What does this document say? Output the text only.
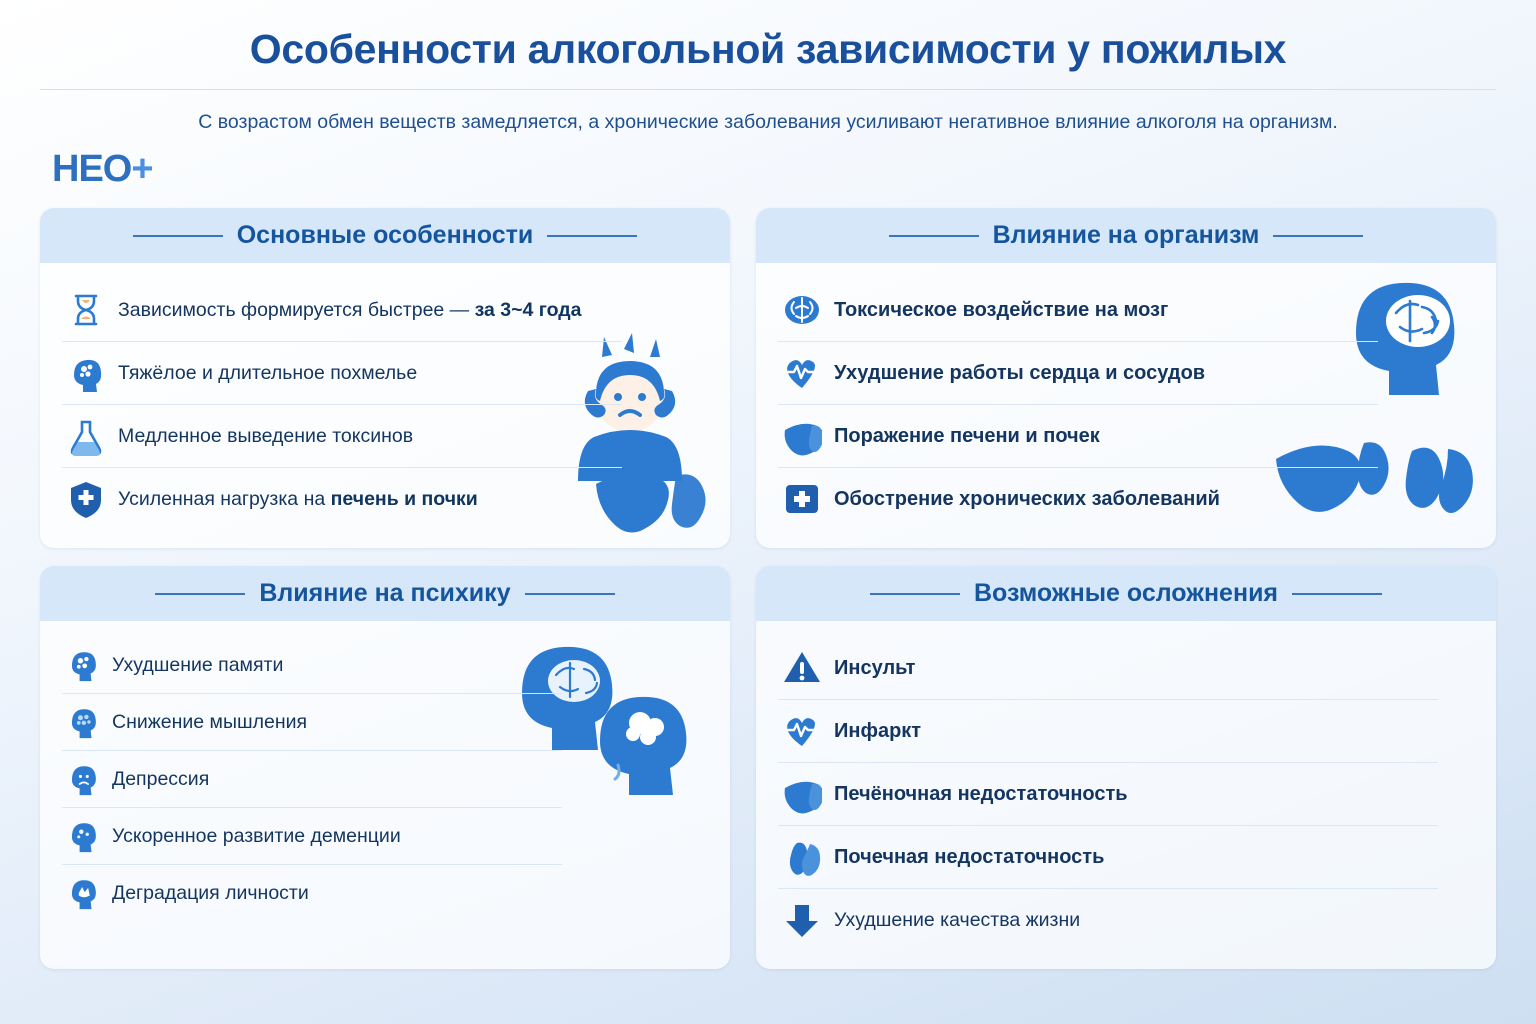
Особенности алкогольной зависимости у пожилых
С возрастом обмен веществ замедляется, а хронические заболевания усиливают негативное влияние алкоголя на организм.
HEO +
Основные особенности
Зависимость формируется быстрее — за 3~4 года
Тяжёлое и длительное похмелье
Медленное выведение токсинов
Усиленная нагрузка на печень и почки
Влияние на организм
Токсическое воздействие на мозг
Ухудшение работы сердца и сосудов
Поражение печени и почек
Обострение хронических заболеваний
Влияние на психику
Ухудшение памяти
Снижение мышления
Депрессия
Ускоренное развитие деменции
Деградация личности
Возможные осложнения
Инсульт
Инфаркт
Печёночная недостаточность
Почечная недостаточность
Ухудшение качества жизни
